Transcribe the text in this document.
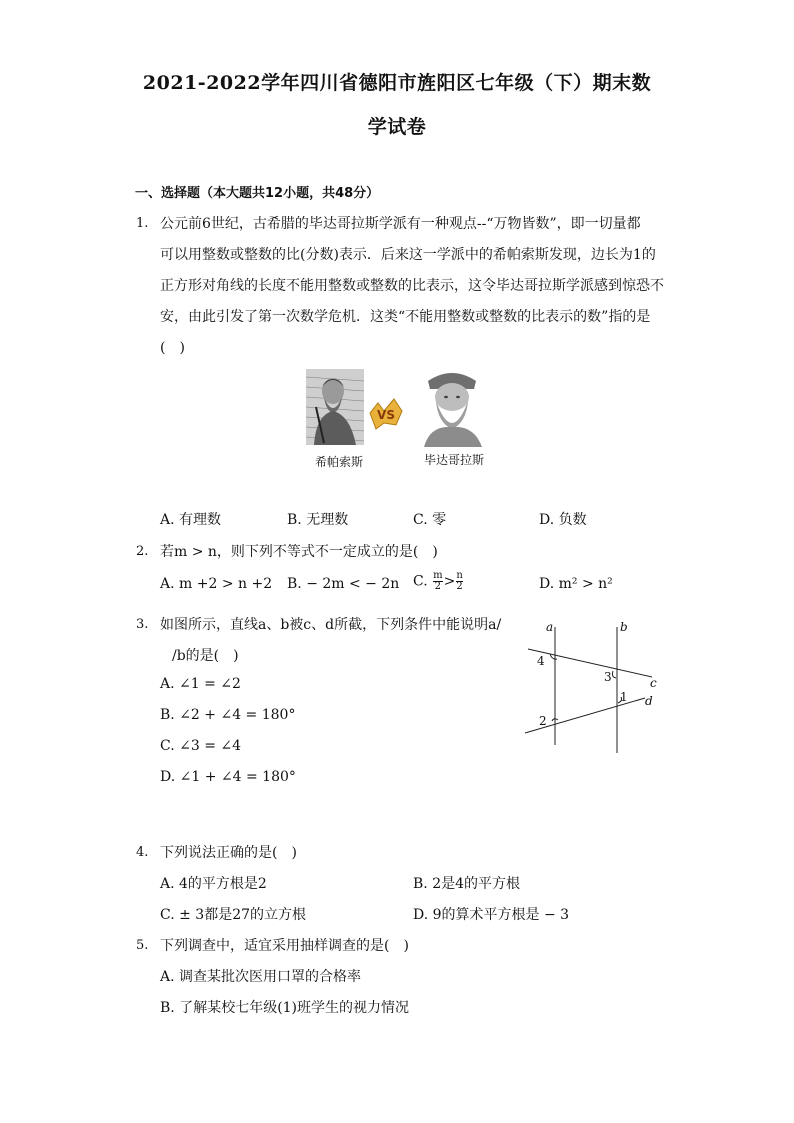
2021-2022学年四川省德阳市旌阳区七年级（下）期末数
学试卷
一、选择题（本大题共12小题，共48分）
1. 公元前6世纪，古希腊的毕达哥拉斯学派有一种观点--“万物皆数”，即一切量都
可以用整数或整数的比(分数)表示．后来这一学派中的希帕索斯发现，边长为1的
正方形对角线的长度不能用整数或整数的比表示，这令毕达哥拉斯学派感到惊恐不
安，由此引发了第一次数学危机．这类“不能用整数或整数的比表示的数”指的是
(　)
VS
希帕索斯	毕达哥拉斯
A. 有理数	B. 无理数	C. 零	D. 负数
2. 若m > n，则下列不等式不一定成立的是(　)
A. m +2 > n +2 B. − 2m < − 2n C. $\frac{m}{2} > \frac{n}{2}$	D. m² > n²
3. 如图所示，直线a、b被c、d所截，下列条件中能说明a/
/b的是(　)
A. ∠1 = ∠2
B. ∠2 + ∠4 = 180°
C. ∠3 = ∠4
D. ∠1 + ∠4 = 180°
a	b
c
d
4
3
1
2
4. 下列说法正确的是(　)
A. 4的平方根是2	B. 2是4的平方根
C. ± 3都是27的立方根	D. 9的算术平方根是 − 3
5. 下列调查中，适宜采用抽样调查的是(　)
A. 调查某批次医用口罩的合格率
B. 了解某校七年级(1)班学生的视力情况
